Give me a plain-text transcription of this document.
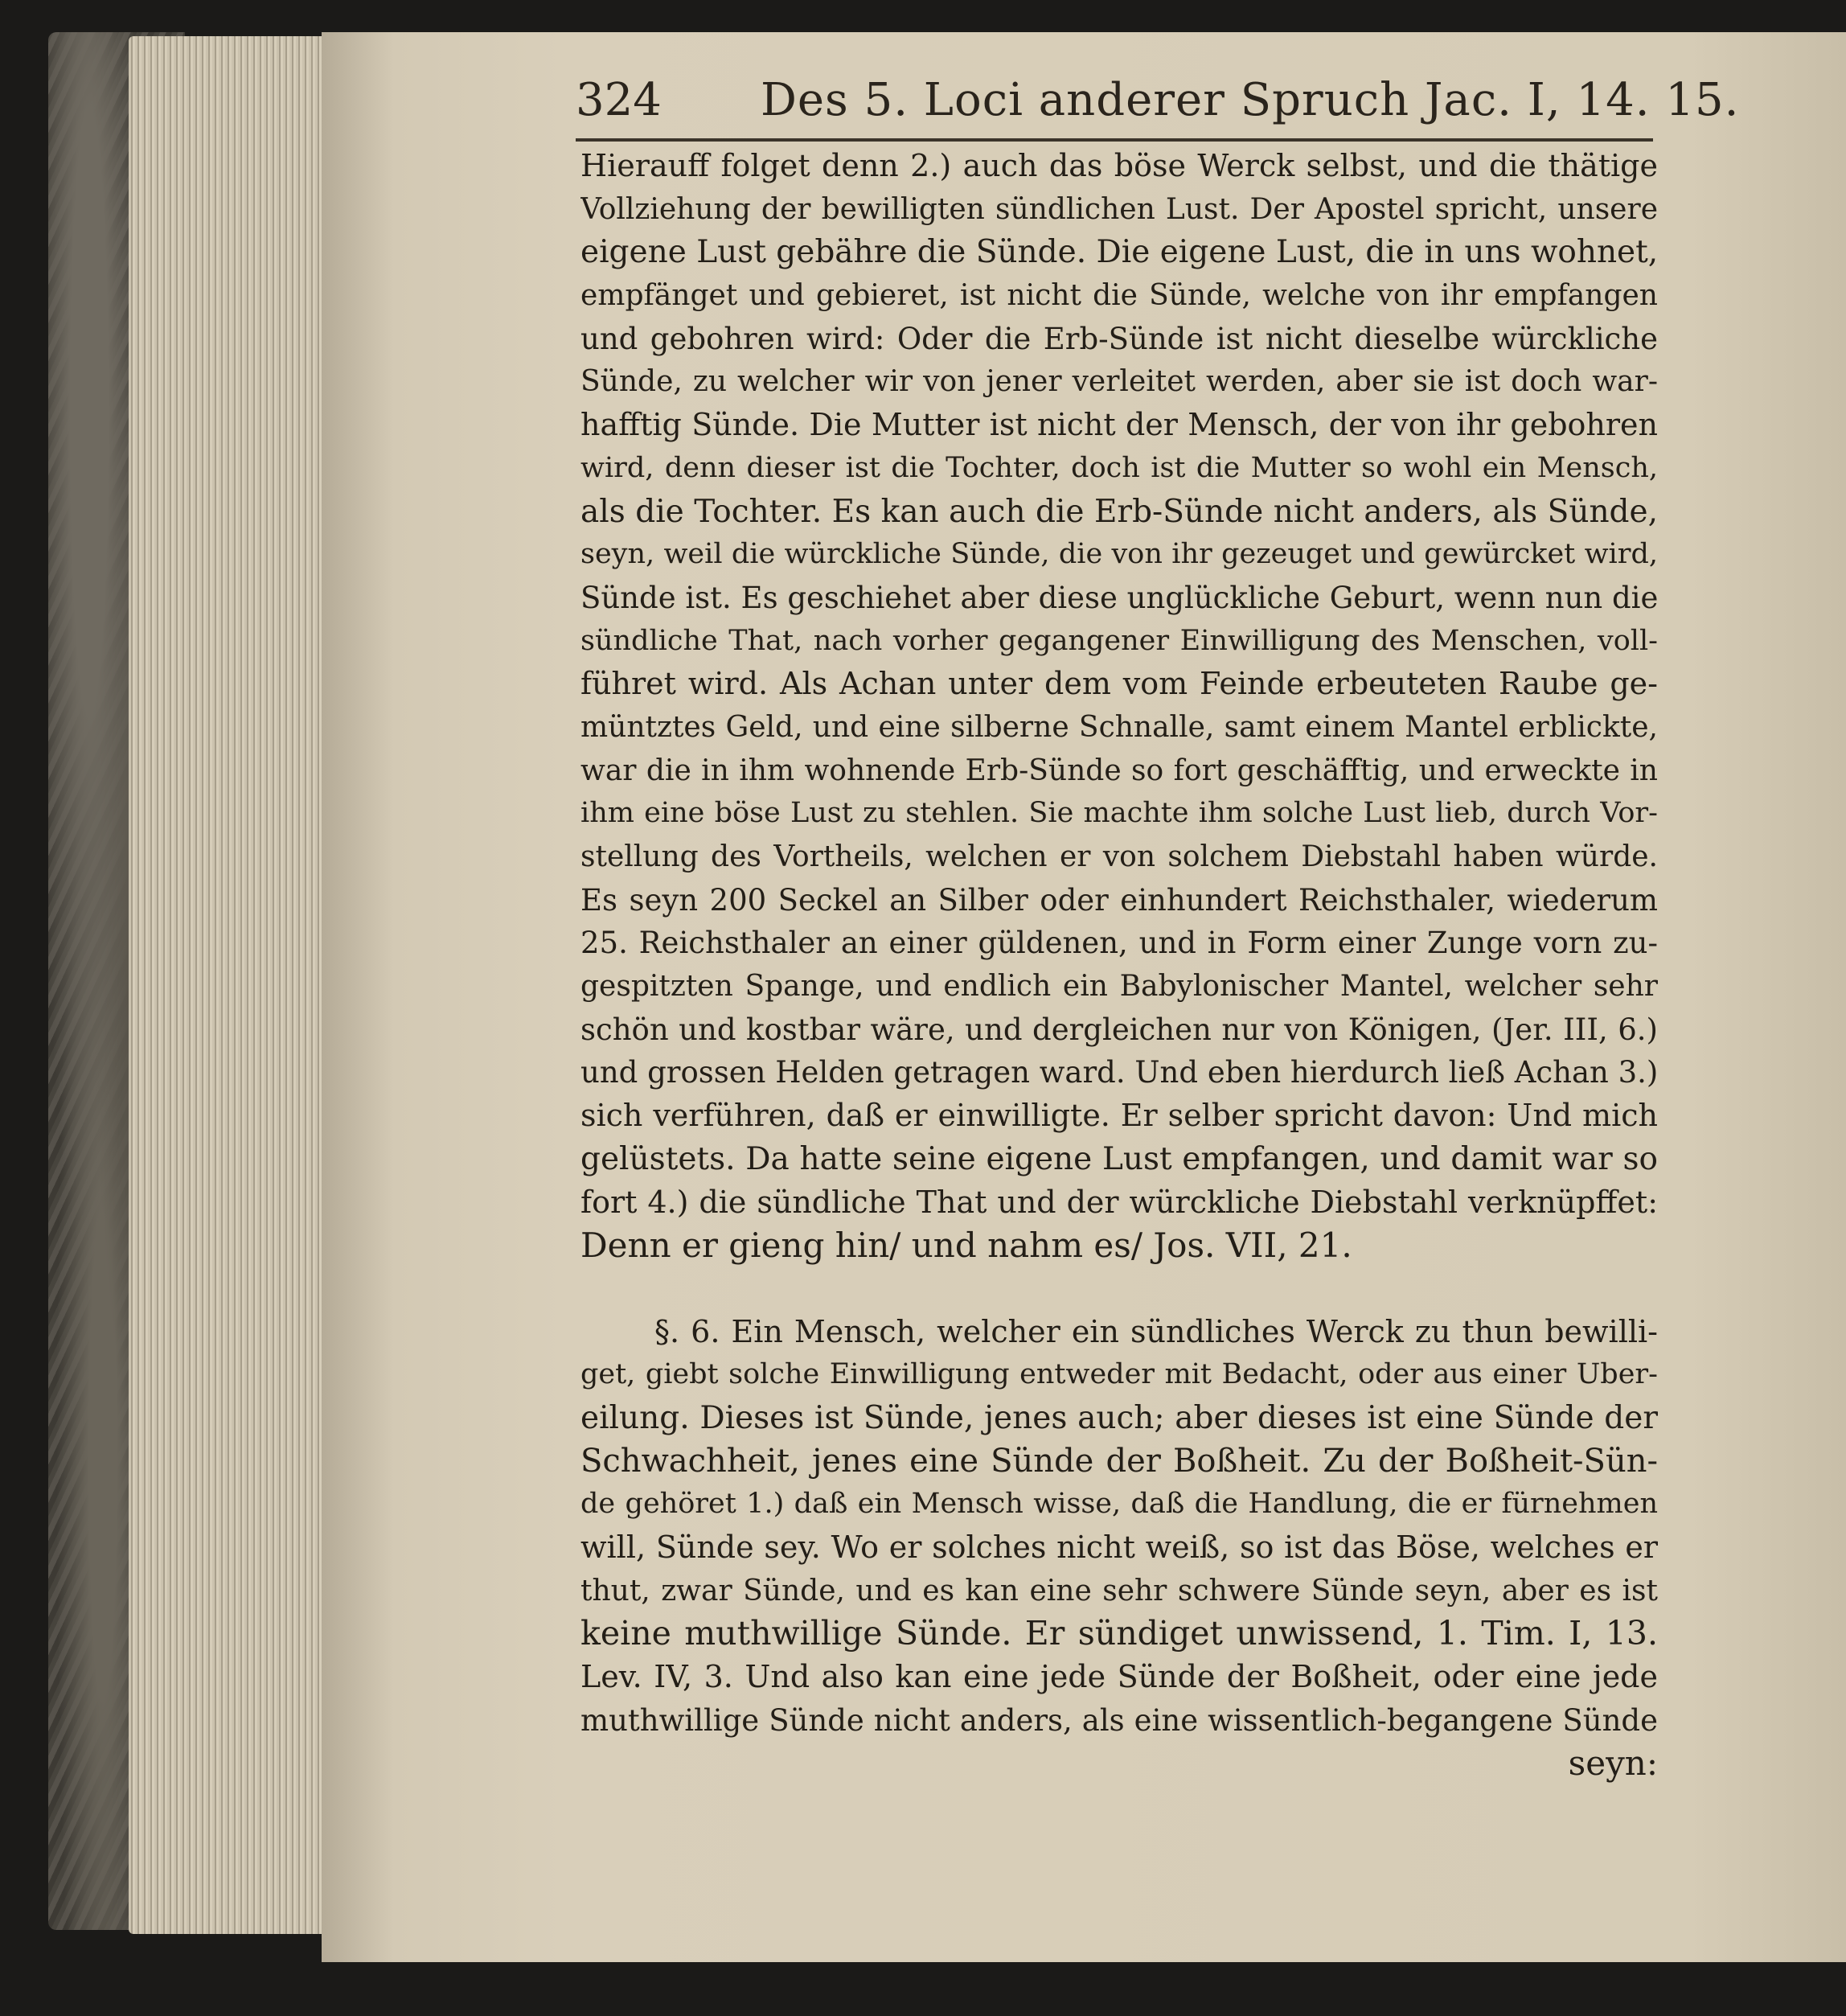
324 Des 5. Loci anderer Spruch Jac. I, 14. 15.
Hierauff folget denn 2.) auch das böse Werck selbst, und die thätige
Vollziehung der bewilligten sündlichen Lust. Der Apostel spricht, unsere
eigene Lust gebähre die Sünde. Die eigene Lust, die in uns wohnet,
empfänget und gebieret, ist nicht die Sünde, welche von ihr empfangen
und gebohren wird: Oder die Erb-Sünde ist nicht dieselbe würckliche
Sünde, zu welcher wir von jener verleitet werden, aber sie ist doch war-
hafftig Sünde. Die Mutter ist nicht der Mensch, der von ihr gebohren
wird, denn dieser ist die Tochter, doch ist die Mutter so wohl ein Mensch,
als die Tochter. Es kan auch die Erb-Sünde nicht anders, als Sünde,
seyn, weil die würckliche Sünde, die von ihr gezeuget und gewürcket wird,
Sünde ist. Es geschiehet aber diese unglückliche Geburt, wenn nun die
sündliche That, nach vorher gegangener Einwilligung des Menschen, voll-
führet wird. Als Achan unter dem vom Feinde erbeuteten Raube ge-
müntztes Geld, und eine silberne Schnalle, samt einem Mantel erblickte,
war die in ihm wohnende Erb-Sünde so fort geschäfftig, und erweckte in
ihm eine böse Lust zu stehlen. Sie machte ihm solche Lust lieb, durch Vor-
stellung des Vortheils, welchen er von solchem Diebstahl haben würde.
Es seyn 200 Seckel an Silber oder einhundert Reichsthaler, wiederum
25. Reichsthaler an einer güldenen, und in Form einer Zunge vorn zu-
gespitzten Spange, und endlich ein Babylonischer Mantel, welcher sehr
schön und kostbar wäre, und dergleichen nur von Königen, (Jer. III, 6.)
und grossen Helden getragen ward. Und eben hierdurch ließ Achan 3.)
sich verführen, daß er einwilligte. Er selber spricht davon: Und mich
gelüstets. Da hatte seine eigene Lust empfangen, und damit war so
fort 4.) die sündliche That und der würckliche Diebstahl verknüpffet:
Denn er gieng hin/ und nahm es/ Jos. VII, 21.
§. 6. Ein Mensch, welcher ein sündliches Werck zu thun bewilli-
get, giebt solche Einwilligung entweder mit Bedacht, oder aus einer Uber-
eilung. Dieses ist Sünde, jenes auch; aber dieses ist eine Sünde der
Schwachheit, jenes eine Sünde der Boßheit. Zu der Boßheit-Sün-
de gehöret 1.) daß ein Mensch wisse, daß die Handlung, die er fürnehmen
will, Sünde sey. Wo er solches nicht weiß, so ist das Böse, welches er
thut, zwar Sünde, und es kan eine sehr schwere Sünde seyn, aber es ist
keine muthwillige Sünde. Er sündiget unwissend, 1. Tim. I, 13.
Lev. IV, 3. Und also kan eine jede Sünde der Boßheit, oder eine jede
muthwillige Sünde nicht anders, als eine wissentlich-begangene Sünde
seyn:
